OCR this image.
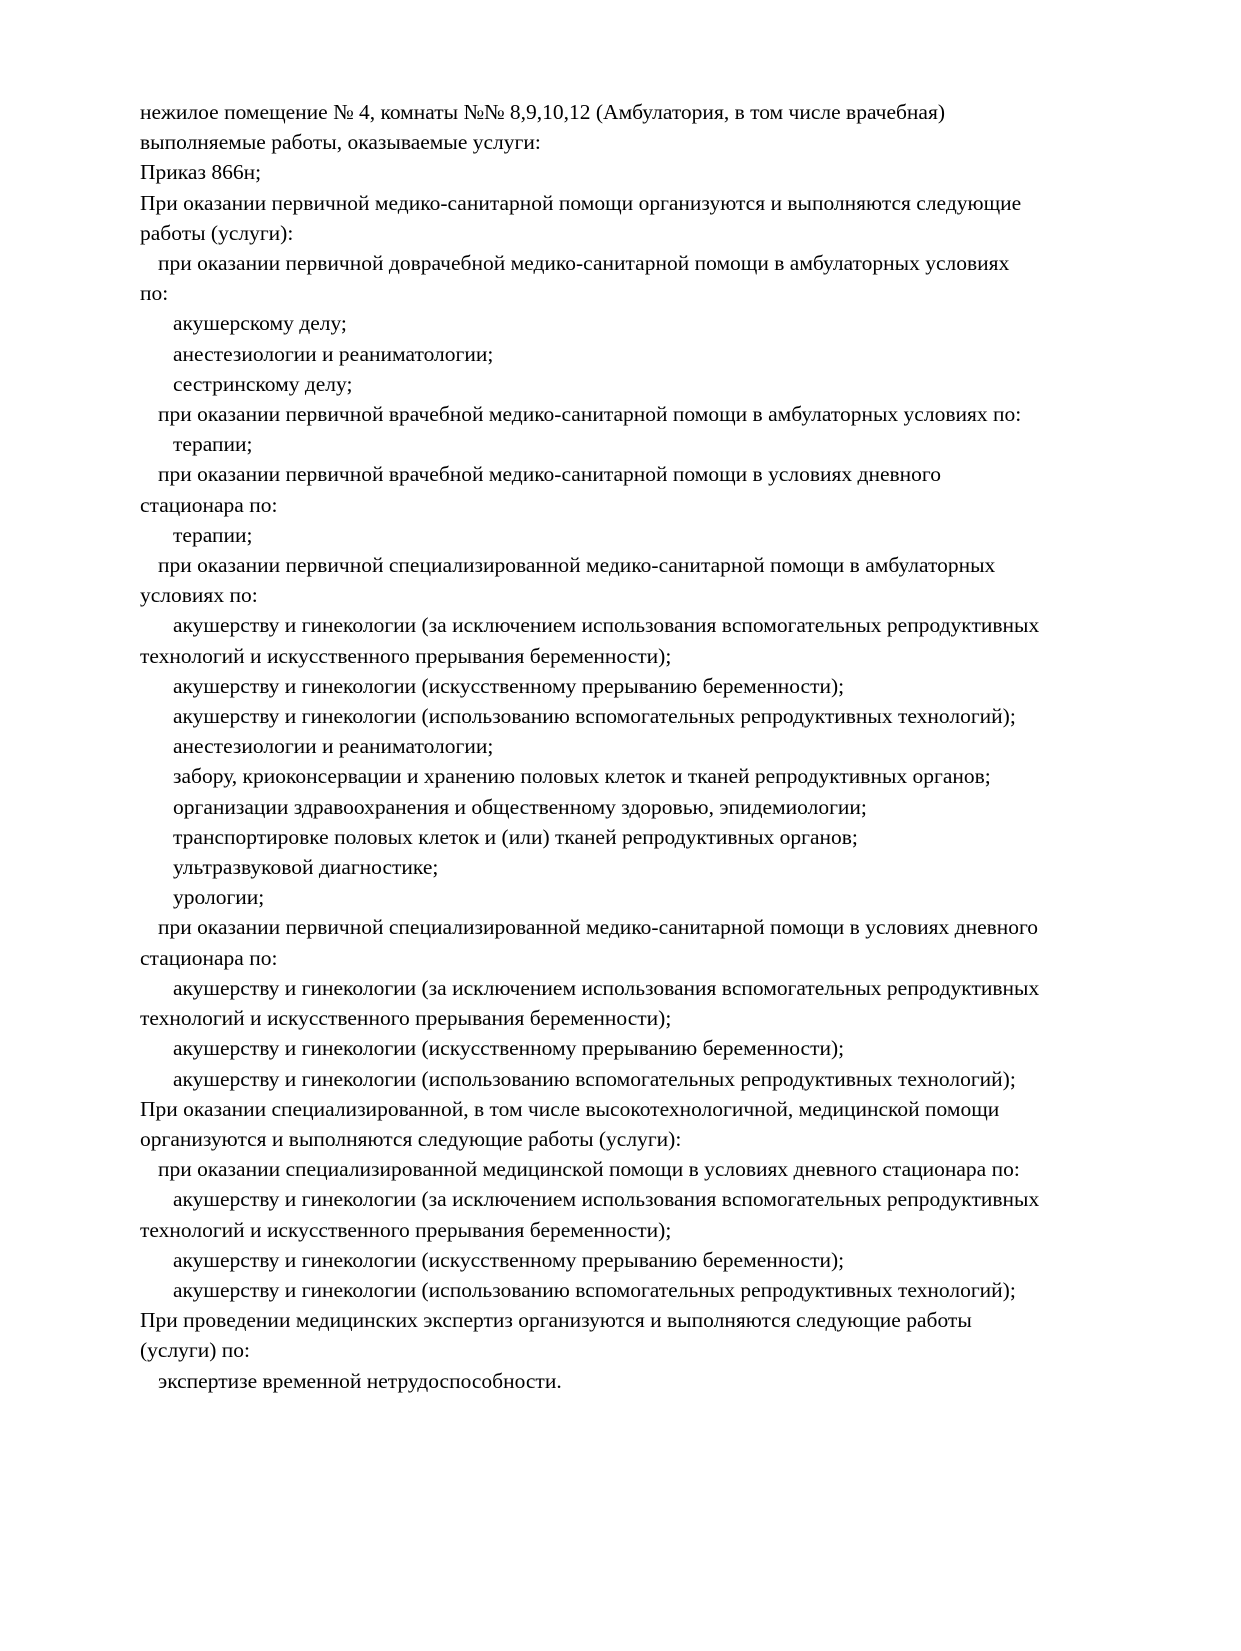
нежилое помещение № 4, комнаты №№ 8,9,10,12 (Амбулатория, в том числе врачебная)
выполняемые работы, оказываемые услуги:
Приказ 866н;
При оказании первичной медико-санитарной помощи организуются и выполняются следующие
работы (услуги):
при оказании первичной доврачебной медико-санитарной помощи в амбулаторных условиях
по:
акушерскому делу;
анестезиологии и реаниматологии;
сестринскому делу;
при оказании первичной врачебной медико-санитарной помощи в амбулаторных условиях по:
терапии;
при оказании первичной врачебной медико-санитарной помощи в условиях дневного
стационара по:
терапии;
при оказании первичной специализированной медико-санитарной помощи в амбулаторных
условиях по:
акушерству и гинекологии (за исключением использования вспомогательных репродуктивных
технологий и искусственного прерывания беременности);
акушерству и гинекологии (искусственному прерыванию беременности);
акушерству и гинекологии (использованию вспомогательных репродуктивных технологий);
анестезиологии и реаниматологии;
забору, криоконсервации и хранению половых клеток и тканей репродуктивных органов;
организации здравоохранения и общественному здоровью, эпидемиологии;
транспортировке половых клеток и (или) тканей репродуктивных органов;
ультразвуковой диагностике;
урологии;
при оказании первичной специализированной медико-санитарной помощи в условиях дневного
стационара по:
акушерству и гинекологии (за исключением использования вспомогательных репродуктивных
технологий и искусственного прерывания беременности);
акушерству и гинекологии (искусственному прерыванию беременности);
акушерству и гинекологии (использованию вспомогательных репродуктивных технологий);
При оказании специализированной, в том числе высокотехнологичной, медицинской помощи
организуются и выполняются следующие работы (услуги):
при оказании специализированной медицинской помощи в условиях дневного стационара по:
акушерству и гинекологии (за исключением использования вспомогательных репродуктивных
технологий и искусственного прерывания беременности);
акушерству и гинекологии (искусственному прерыванию беременности);
акушерству и гинекологии (использованию вспомогательных репродуктивных технологий);
При проведении медицинских экспертиз организуются и выполняются следующие работы
(услуги) по:
экспертизе временной нетрудоспособности.
